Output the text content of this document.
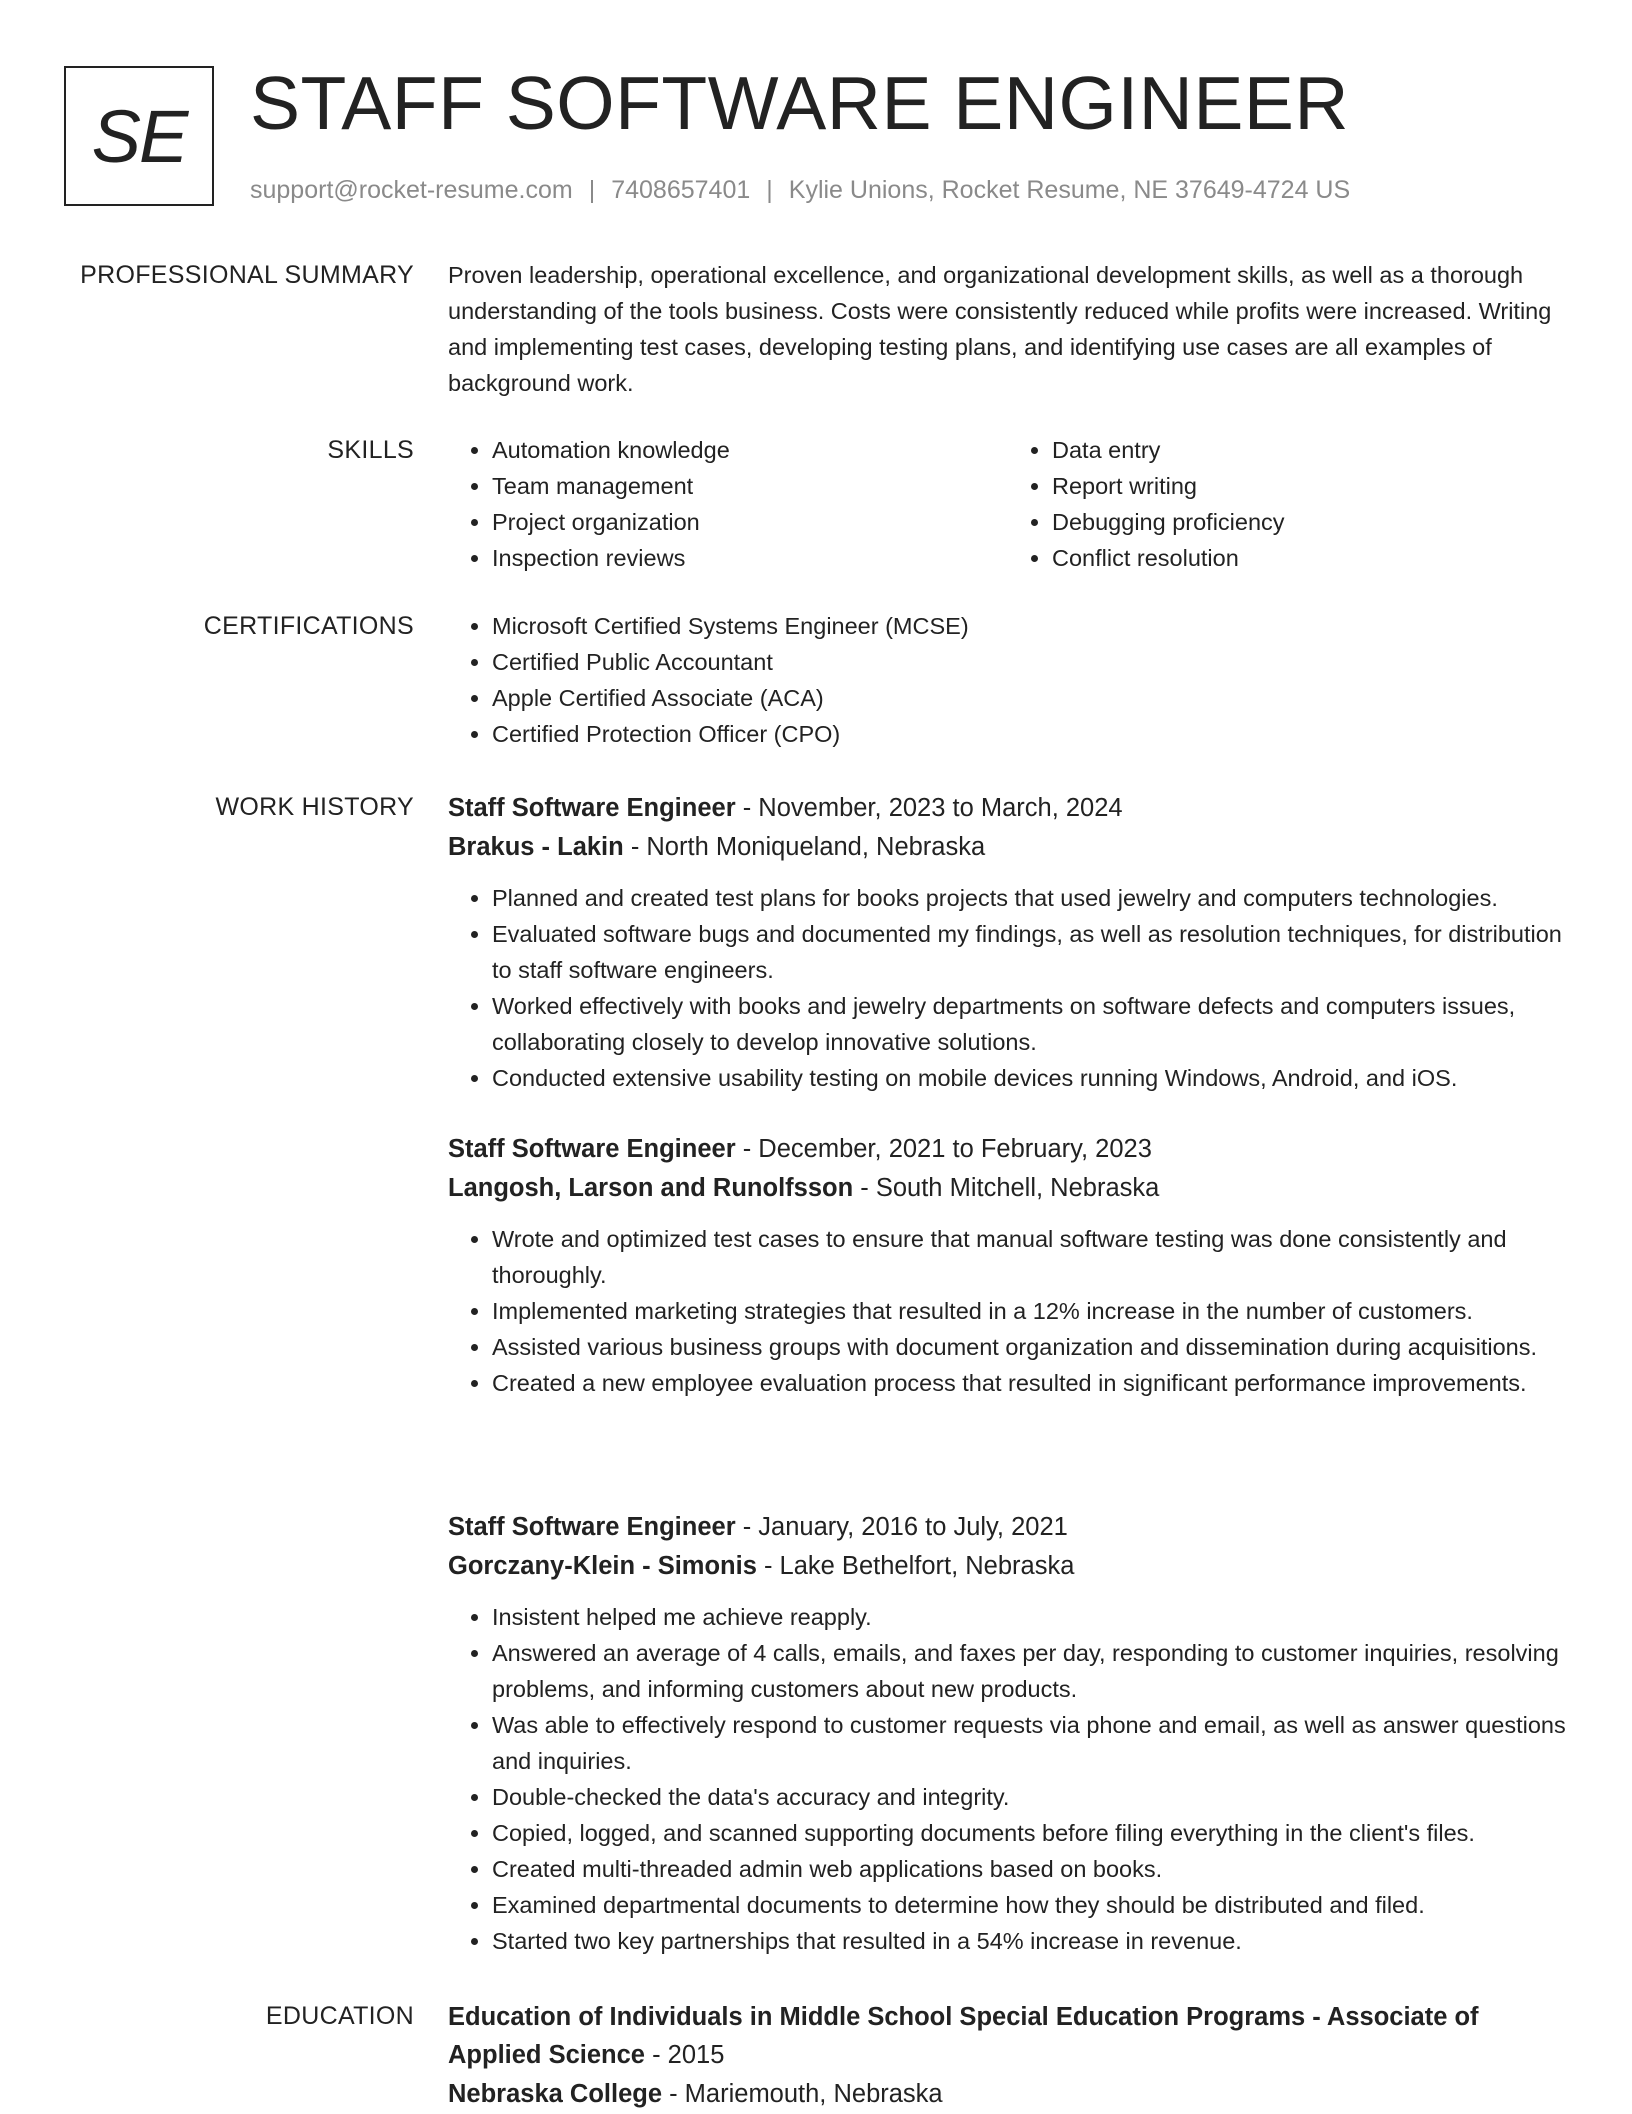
SE STAFF SOFTWARE ENGINEER
support@rocket-resume.com | 7408657401 | Kylie Unions, Rocket Resume, NE 37649-4724 US
PROFESSIONAL SUMMARY Proven leadership, operational excellence, and organizational development skills, as well as a thorough understanding of the tools business. Costs were consistently reduced while profits were increased. Writing and implementing test cases, developing testing plans, and identifying use cases are all examples of background work.

SKILLS	• Automation knowledge
• Team management
• Project organization
• Inspection reviews
• Data entry
• Report writing
• Debugging proficiency
• Conflict resolution
CERTIFICATIONS	• Microsoft Certified Systems Engineer (MCSE)
• Certified Public Accountant
• Apple Certified Associate (ACA)
• Certified Protection Officer (CPO)
WORK HISTORY Staff Software Engineer - November, 2023 to March, 2024
Brakus - Lakin - North Moniqueland, Nebraska
• Planned and created test plans for books projects that used jewelry and computers technologies.
• Evaluated software bugs and documented my findings, as well as resolution techniques, for distribution to staff software engineers.
• Worked effectively with books and jewelry departments on software defects and computers issues, collaborating closely to develop innovative solutions.
• Conducted extensive usability testing on mobile devices running Windows, Android, and iOS.
Staff Software Engineer - December, 2021 to February, 2023
Langosh, Larson and Runolfsson - South Mitchell, Nebraska
• Wrote and optimized test cases to ensure that manual software testing was done consistently and thoroughly.
• Implemented marketing strategies that resulted in a 12% increase in the number of customers.
• Assisted various business groups with document organization and dissemination during acquisitions.
• Created a new employee evaluation process that resulted in significant performance improvements.
Staff Software Engineer - January, 2016 to July, 2021
Gorczany-Klein - Simonis - Lake Bethelfort, Nebraska
• Insistent helped me achieve reapply.
• Answered an average of 4 calls, emails, and faxes per day, responding to customer inquiries, resolving problems, and informing customers about new products.
• Was able to effectively respond to customer requests via phone and email, as well as answer questions and inquiries.
• Double-checked the data's accuracy and integrity.
• Copied, logged, and scanned supporting documents before filing everything in the client's files.
• Created multi-threaded admin web applications based on books.
• Examined departmental documents to determine how they should be distributed and filed.
• Started two key partnerships that resulted in a 54% increase in revenue.
EDUCATION Education of Individuals in Middle School Special Education Programs - Associate of Applied Science - 2015
Nebraska College - Mariemouth, Nebraska
